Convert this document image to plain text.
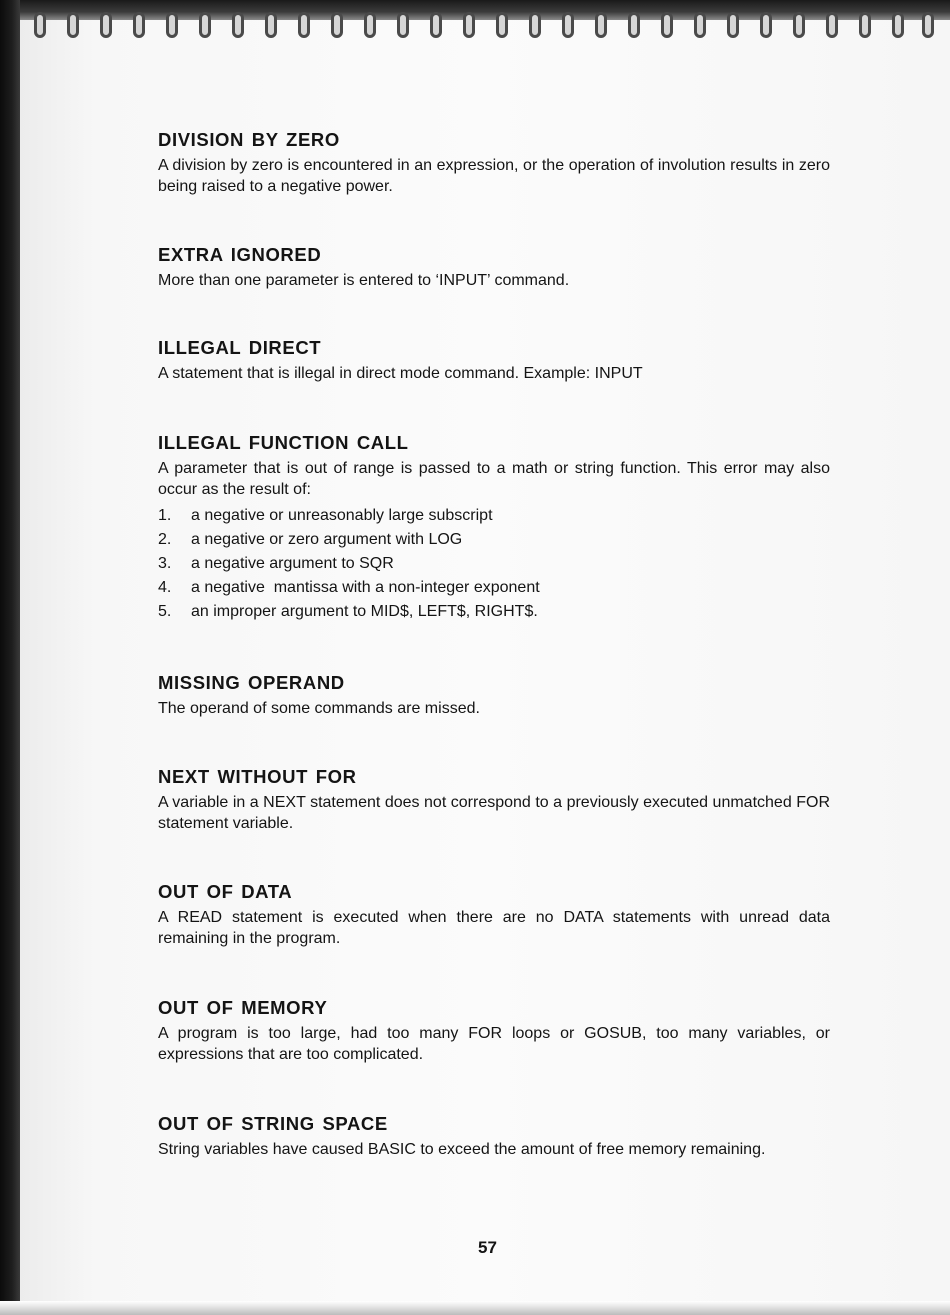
DIVISION BY ZERO

A division by zero is encountered in an expression, or the operation of involution results in zero being raised to a negative power.

EXTRA IGNORED

More than one parameter is entered to ‘INPUT’ command.

ILLEGAL DIRECT

A statement that is illegal in direct mode command. Example: INPUT

ILLEGAL FUNCTION CALL

A parameter that is out of range is passed to a math or string function. This error may also occur as the result of:

1. a negative or unreasonably large subscript
2. a negative or zero argument with LOG
3. a negative argument to SQR
4. a negative  mantissa with a non-integer exponent
5. an improper argument to MID$, LEFT$, RIGHT$.
MISSING OPERAND

The operand of some commands are missed.

NEXT WITHOUT FOR

A variable in a NEXT statement does not correspond to a previously executed unmatched FOR statement variable.

OUT OF DATA

A READ statement is executed when there are no DATA statements with unread data remaining in the program.

OUT OF MEMORY

A program is too large, had too many FOR loops or GOSUB, too many variables, or expressions that are too complicated.

OUT OF STRING SPACE

String variables have caused BASIC to exceed the amount of free memory remaining.

57
